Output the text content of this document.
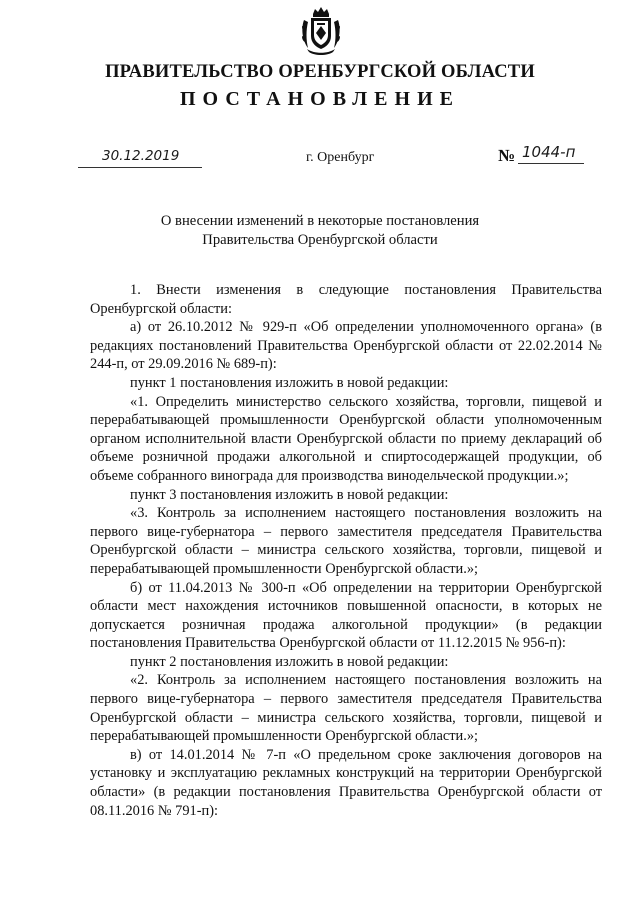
ПРАВИТЕЛЬСТВО ОРЕНБУРГСКОЙ ОБЛАСТИ
ПОСТАНОВЛЕНИЕ
30.12.2019	г. Оренбург	№ 1044-п
О внесении изменений в некоторые постановления
Правительства Оренбургской области

1. Внести изменения в следующие постановления Правительства Оренбургской области:

а) от 26.10.2012 № 929-п «Об определении уполномоченного органа» (в редакциях постановлений Правительства Оренбургской области от 22.02.2014 № 244-п, от 29.09.2016 № 689-п):

пункт 1 постановления изложить в новой редакции:

«1. Определить министерство сельского хозяйства, торговли, пищевой и перерабатывающей промышленности Оренбургской области уполномоченным органом исполнительной власти Оренбургской области по приему деклараций об объеме розничной продажи алкогольной и спиртосодержащей продукции, об объеме собранного винограда для производства винодельческой продукции.»;

пункт 3 постановления изложить в новой редакции:

«3. Контроль за исполнением настоящего постановления возложить на первого вице-губернатора – первого заместителя председателя Правительства Оренбургской области – министра сельского хозяйства, торговли, пищевой и перерабатывающей промышленности Оренбургской области.»;

б) от 11.04.2013 № 300-п «Об определении на территории Оренбургской области мест нахождения источников повышенной опасности, в которых не допускается розничная продажа алкогольной продукции» (в редакции постановления Правительства Оренбургской области от 11.12.2015 № 956-п):

пункт 2 постановления изложить в новой редакции:

«2. Контроль за исполнением настоящего постановления возложить на первого вице-губернатора – первого заместителя председателя Правительства Оренбургской области – министра сельского хозяйства, торговли, пищевой и перерабатывающей промышленности Оренбургской области.»;

в) от 14.01.2014 № 7-п «О предельном сроке заключения договоров на установку и эксплуатацию рекламных конструкций на территории Оренбургской области» (в редакции постановления Правительства Оренбургской области от 08.11.2016 № 791-п):
